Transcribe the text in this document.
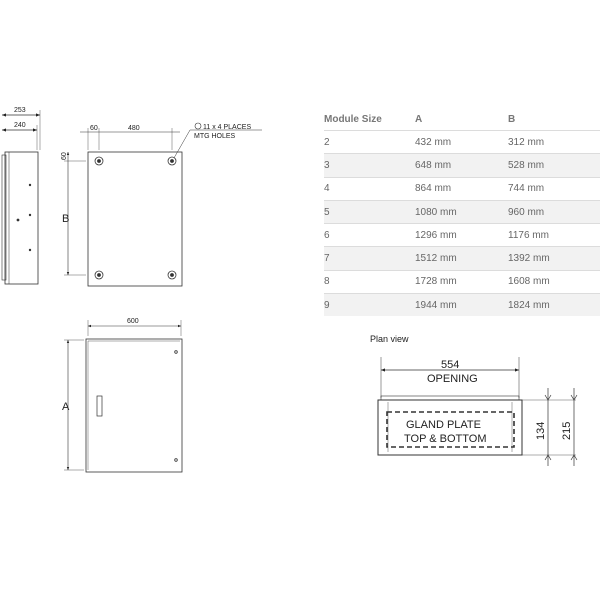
253
240	60	480
60
B
11 x 4 PLACES
MTG HOLES
600
A
554
OPENING
GLAND PLATE
TOP & BOTTOM	134 215
Plan view
Module Size	A	B
2	432 mm	312 mm
3	648 mm	528 mm
4	864 mm	744 mm
5	1080 mm	960 mm
6	1296 mm	1176 mm
7	1512 mm	1392 mm
8	1728 mm	1608 mm
9	1944 mm	1824 mm
